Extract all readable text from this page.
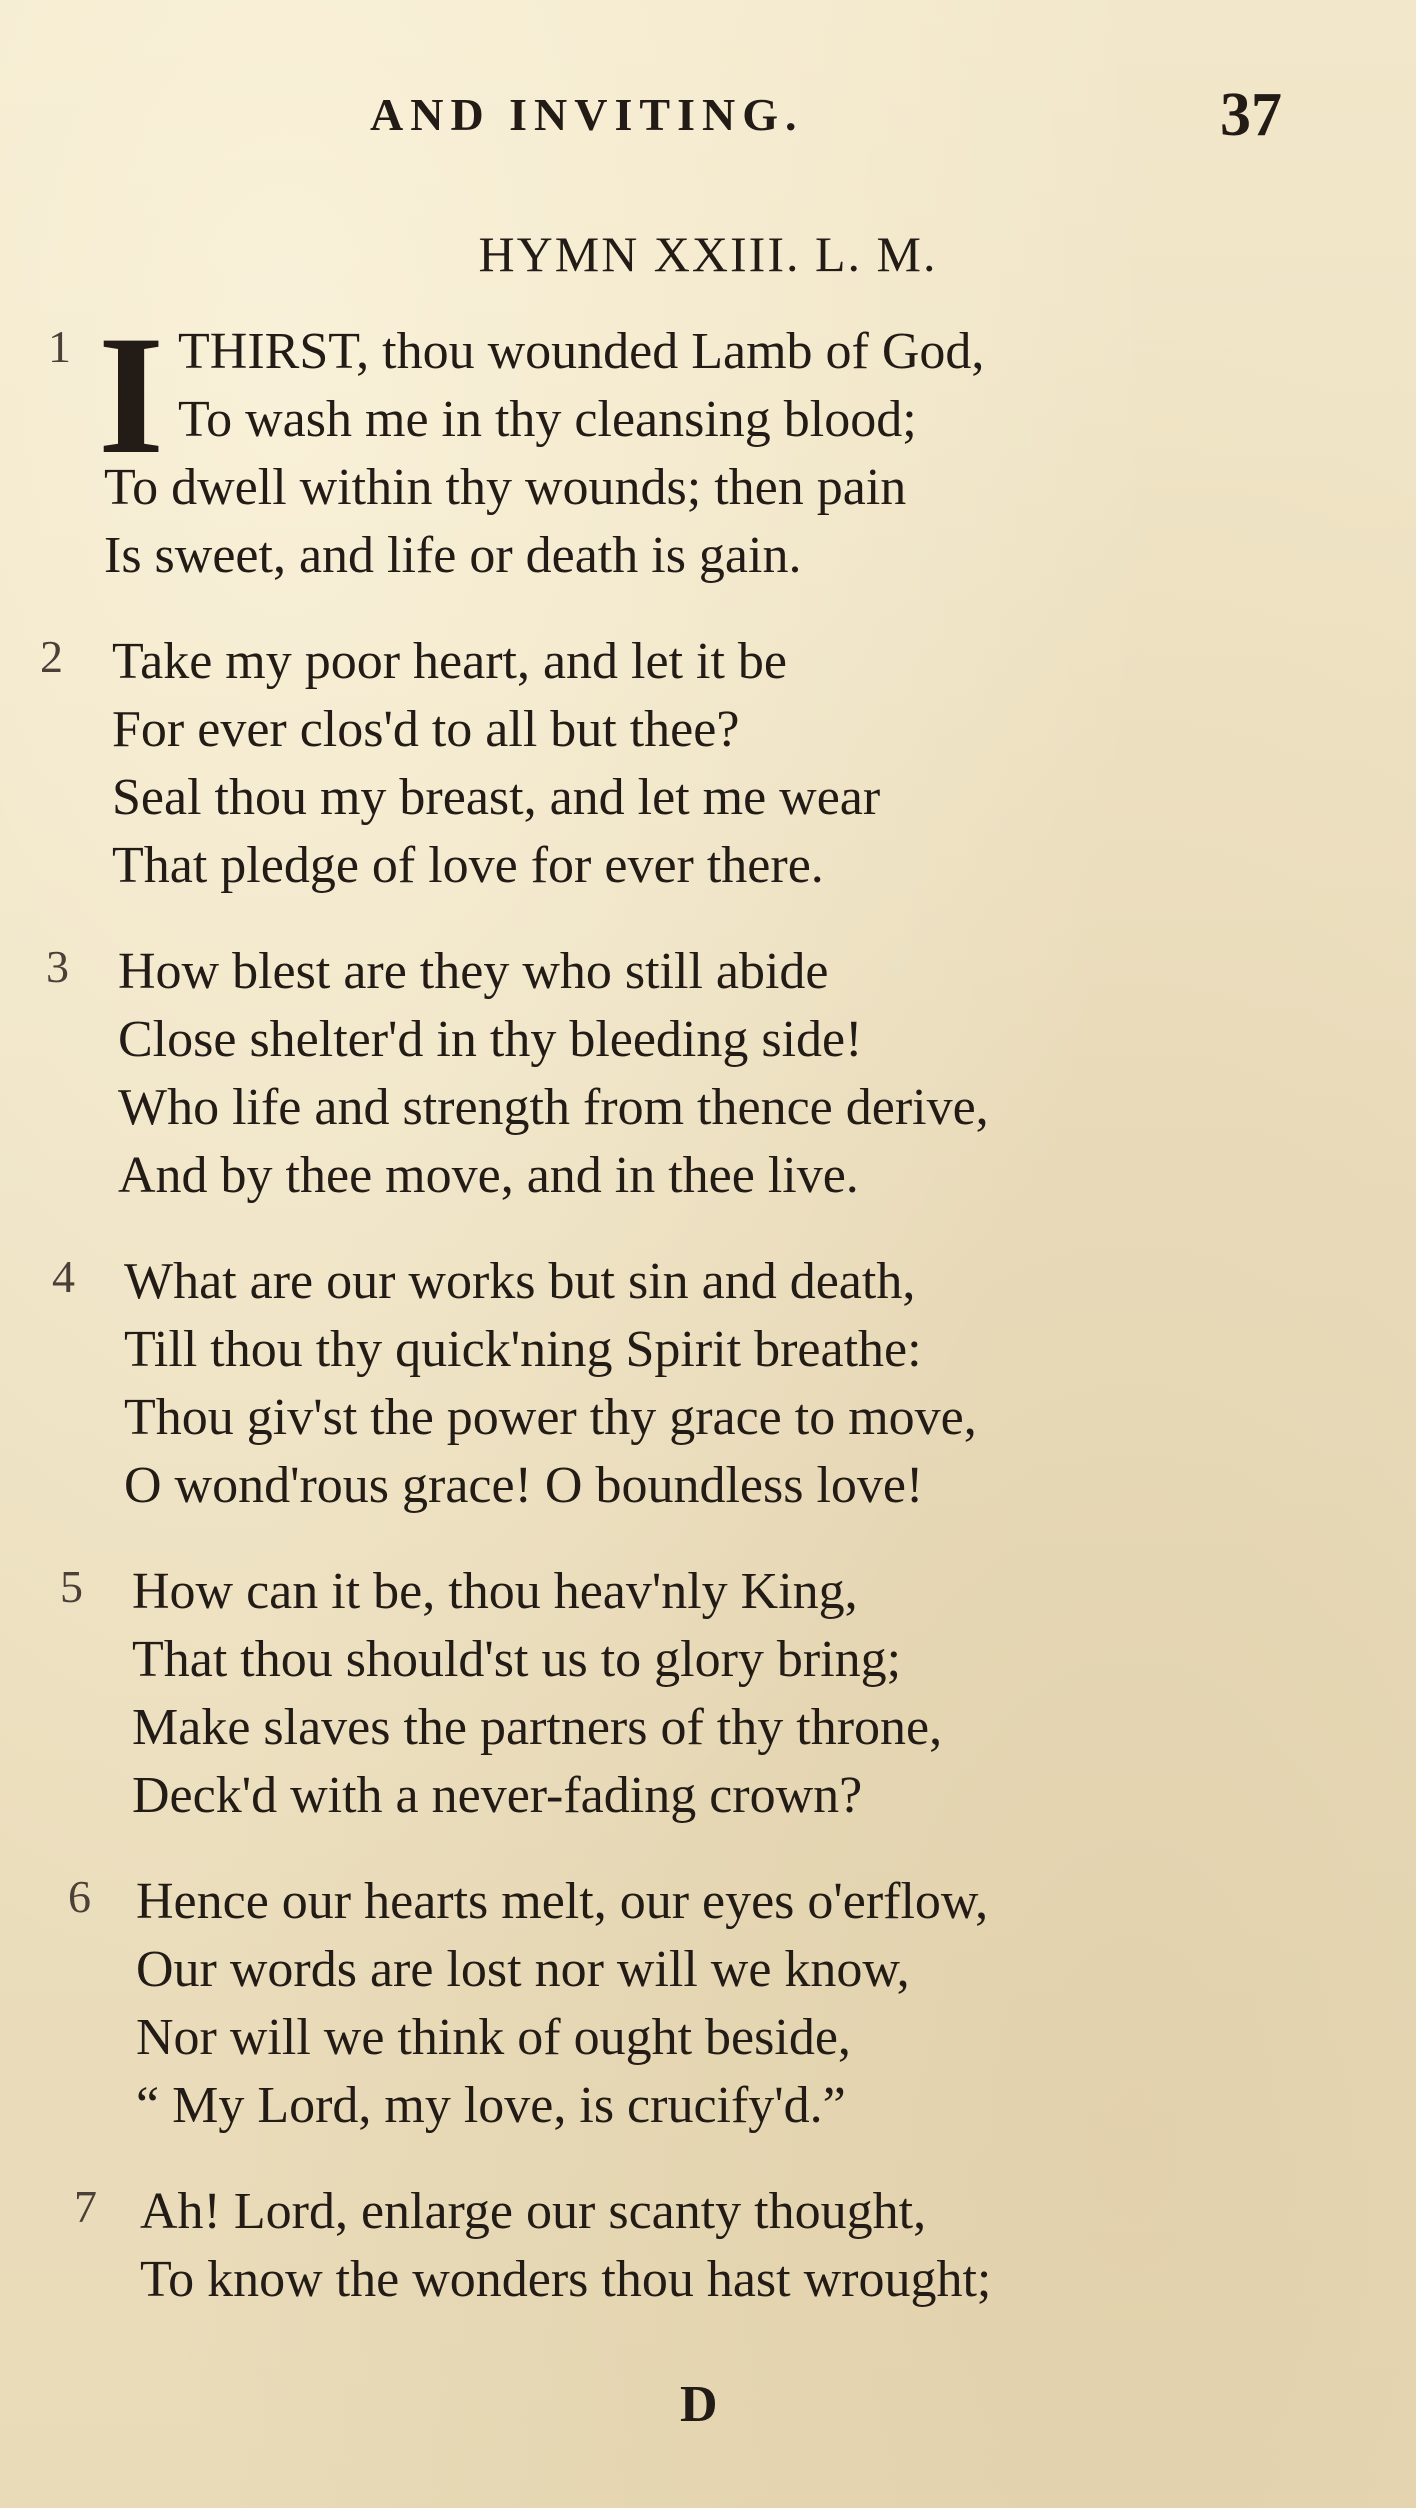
AND INVITING.	37
HYMN XXIII. L. M.
1 I THIRST, thou wounded Lamb of God,
To wash me in thy cleansing blood;
To dwell within thy wounds; then pain
Is sweet, and life or death is gain.
2 Take my poor heart, and let it be
For ever clos'd to all but thee?
Seal thou my breast, and let me wear
That pledge of love for ever there.
3 How blest are they who still abide
Close shelter'd in thy bleeding side!
Who life and strength from thence derive,
And by thee move, and in thee live.
4 What are our works but sin and death,
Till thou thy quick'ning Spirit breathe:
Thou giv'st the power thy grace to move,
O wond'rous grace! O boundless love!
5 How can it be, thou heav'nly King,
That thou should'st us to glory bring;
Make slaves the partners of thy throne,
Deck'd with a never-fading crown?
6 Hence our hearts melt, our eyes o'erflow,
Our words are lost nor will we know,
Nor will we think of ought beside,
“ My Lord, my love, is crucify'd.”
7 Ah! Lord, enlarge our scanty thought,
To know the wonders thou hast wrought;
D
